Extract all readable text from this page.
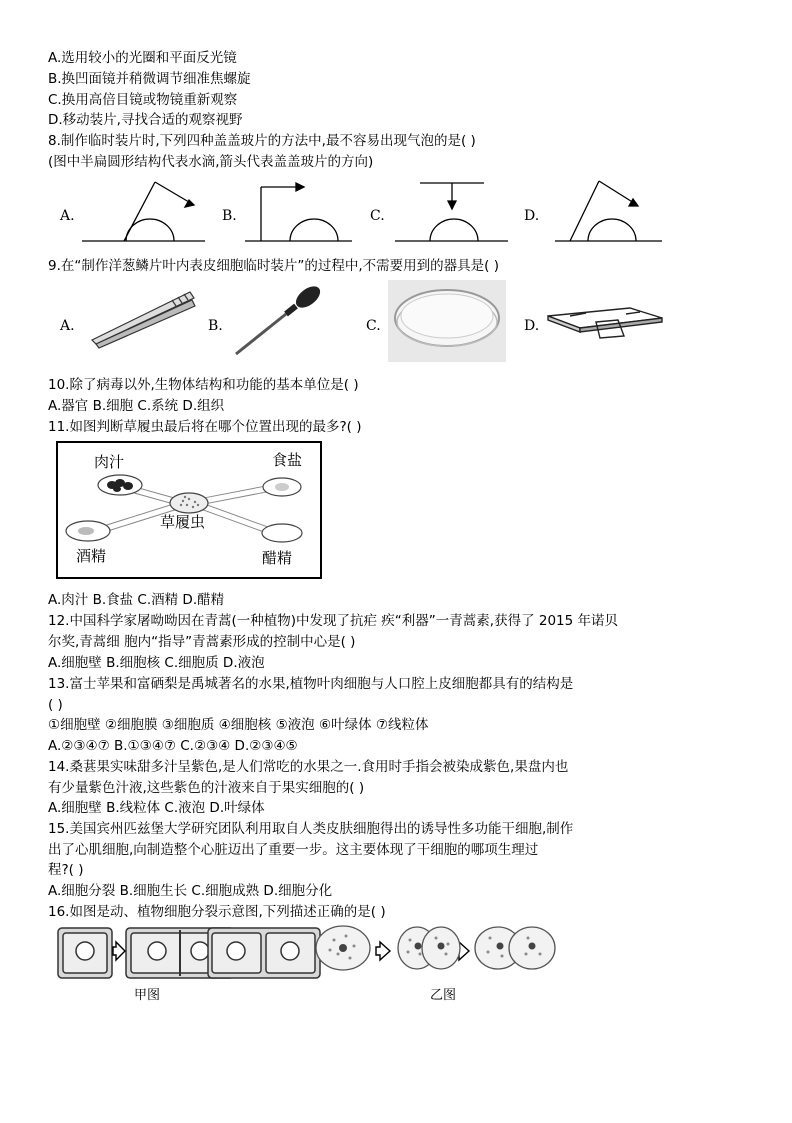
A.选用较小的光圈和平面反光镜
B.换凹面镜并稍微调节细准焦螺旋
C.换用高倍目镜或物镜重新观察
D.移动装片,寻找合适的观察视野
8.制作临时装片时,下列四种盖盖玻片的方法中,最不容易出现气泡的是( )
(图中半扁圆形结构代表水滴,箭头代表盖盖玻片的方向)
A.	B.	C.	D.
9.在“制作洋葱鳞片叶内表皮细胞临时装片”的过程中,不需要用到的器具是( )
A.	B.	C.	D.
10.除了病毒以外,生物体结构和功能的基本单位是( )
A.器官 B.细胞 C.系统 D.组织
11.如图判断草履虫最后将在哪个位置出现的最多?( )
肉汁	食盐
草履虫
酒精	醋精
A.肉汁 B.食盐 C.酒精 D.醋精
12.中国科学家屠呦呦因在青蒿(一种植物)中发现了抗疟 疾“利器”一青蒿素,获得了 2015 年诺贝
尔奖,青蒿细 胞内“指导”青蒿素形成的控制中心是( )
A.细胞壁 B.细胞核 C.细胞质 D.液泡
13.富士苹果和富硒梨是禹城著名的水果,植物叶肉细胞与人口腔上皮细胞都具有的结构是
( )
①细胞壁 ②细胞膜 ③细胞质 ④细胞核 ⑤液泡 ⑥叶绿体 ⑦线粒体
A.②③④⑦ B.①③④⑦ C.②③④ D.②③④⑤
14.桑葚果实味甜多汁呈紫色,是人们常吃的水果之一.食用时手指会被染成紫色,果盘内也
有少量紫色汁液,这些紫色的汁液来自于果实细胞的( )
A.细胞壁 B.线粒体 C.液泡 D.叶绿体
15.美国宾州匹兹堡大学研究团队利用取自人类皮肤细胞得出的诱导性多功能干细胞,制作
出了心肌细胞,向制造整个心脏迈出了重要一步。这主要体现了干细胞的哪项生理过
程?( )
A.细胞分裂 B.细胞生长 C.细胞成熟 D.细胞分化
16.如图是动、植物细胞分裂示意图,下列描述正确的是( )
甲图	乙图
